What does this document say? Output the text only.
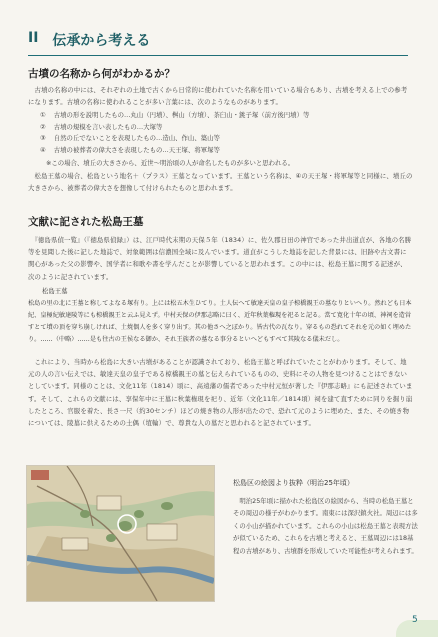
II 伝承から考える
古墳の名称から何がわかるか？
　古墳の名称の中には、それぞれの土地で古くから日常的に使われていた名称を用いている場合もあり、古墳を考える上での参考になります。古墳の名称に使われることが多い言葉には、次のようなものがあります。
① 古墳の形を説明したもの…丸山（円墳）、桝山（方墳）、茶臼山・銚子塚（前方後円墳）等
② 古墳の規模を言い表したもの…大塚等
③ 自然の丘でないことを表現したもの…造山、作山、築山等
④ 古墳の被葬者の偉大さを表現したもの…天王塚、将軍塚等
※この場合、墳丘の大きさから、近世～明治頃の人が命名したものが多いと思われる。
　松島王墓の場合、松島という地名＋（プラス）王墓となっています。王墓という名称は、④の天王塚・将軍塚等と同様に、墳丘の大きさから、被葬者の偉大さを想像して付けられたものと思われます。
文献に記された松島王墓
　『徳島県偵一覧』（『徳島県偵録』）は、江戸時代末期の天保５年（1834）に、佐久郡日田の神官であった井出道貞が、各地の名勝等を見聞した後に記した地誌で、対象範囲は信濃国全域に及んでいます。道貞がこうした地誌を記した背景には、旧跡や古文書に関心があった父の影響や、国学者に和歌や書を学んだことが影響していると思われます。この中には、松島王墓に関する記述が、次のように記されています。
松島王墓
松島の里の北に王墓と称してよなる塚有り。上には松五木生ひてり。土人伝へて敏達天皇の皇子椋橋親王の墓なりといへり。然れども日本紀、皇極紀敏達陵等にも椋橋親王と云ふ見えず。中村天保の伊那志略に曰く、近年秋葉権現を祀ると記る。當て寛化十年の頃、神祠を造営すとて墳の頂を穿ち崩しければ、土焼偶人を多く穿り出す。其の他さへ之ぼかり。皆古代の瓦なり。穿るもの恐れてそれを元の如く埋めたり。……（中略）……是も往古の王侯なる御か、それ王族者の墓なる事分るといへどもすべて其陵なる儀未だし。
　これにより、当時から松島に大きい古墳があることが認識されており、松島王墓と呼ばれていたことがわかります。そして、地元の人の言い伝えでは、敏達天皇の皇子である椋橋親王の墓と伝えられているものの、史料にその人物を見つけることはできないとしています。同様のことは、文化11年（1814）頃に、高遠藩の儒者であった中村元恒が著した『伊那志略』にも記述されています。そして、これらの文献には、享保年中に王墓に秋葉権現を祀り、近年（文化11年／1814頃）祠を建て直すために同りを掘り崩したところ、官服を着た、長さ一尺（約30センチ）ほどの焼き物の人形が出たので、恐れて元のように埋めた、また、その焼き物については、陵墓に供えるための土偶（埴輪）で、尊貴な人の墓だと思われると記されています。
松島区の絵図より抜粋（明治25年頃）
　明治25年頃に描かれた松島区の絵図から、当時の松島王墓とその周辺の様子がわかります。南東には深沢鎮火社。周辺には多くの小山が描かれています。これらの小山は松島王墓と表現方法が似ているため、これらを古墳と考えると、王墓周辺には18基程の古墳があり、古墳群を形成していた可能性が考えられます。
5
